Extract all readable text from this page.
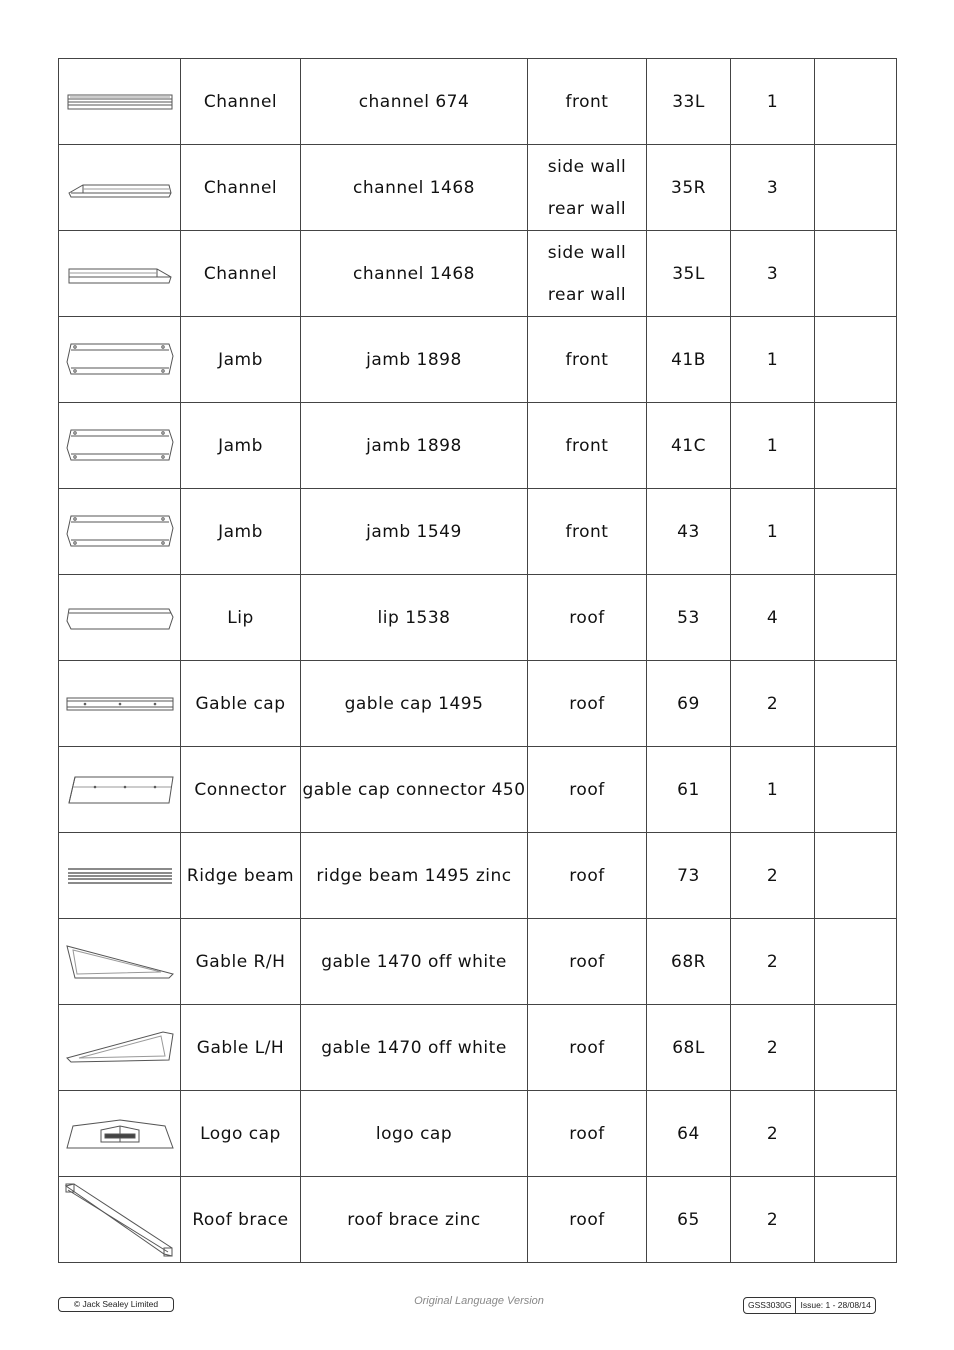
	Channel	channel 674	front	33L	1	

	Channel	channel 1468	side wall
rear wall	35R	3	

	Channel	channel 1468	side wall
rear wall	35L	3	

	Jamb	jamb 1898	front	41B	1	

	Jamb	jamb 1898	front	41C	1	

	Jamb	jamb 1549	front	43	1	

	Lip	lip 1538	roof	53	4	

	Gable cap	gable cap 1495	roof	69	2	

	Connector	gable cap connector 450	roof	61	1	

	Ridge beam	ridge beam 1495 zinc	roof	73	2	

	Gable R/H	gable 1470 off white	roof	68R	2	

	Gable L/H	gable 1470 off white	roof	68L	2	

	Logo cap	logo cap	roof	64	2	

	Roof brace	roof brace zinc	roof	65	2	
© Jack Sealey Limited	Original Language Version	GSS3030G	Issue: 1 - 28/08/14
